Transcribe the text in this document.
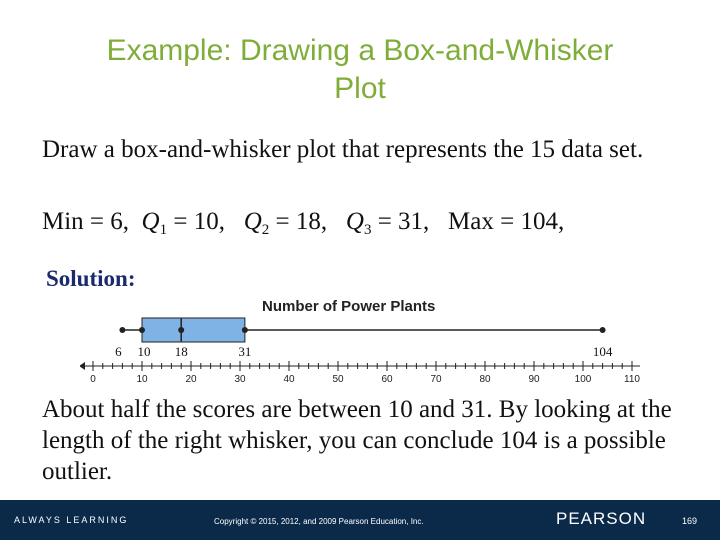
Example: Drawing a Box-and-Whisker
Plot
Draw a box-and-whisker plot that represents the 15 data set.
Min = 6, $Q_1 = 10$, $Q_2 = 18$, $Q_3 = 31$, Max = 104,
Solution:
Number of Power Plants
6 10 18	31	104
0	10	20	30	40	50	60	70	80	90	100	110
About half the scores are between 10 and 31. By looking at the length of the right whisker, you can conclude 104 is a possible outlier.
ALWAYS LEARNING	Copyright © 2015, 2012, and 2009 Pearson Education, Inc.	PEARSON	169
